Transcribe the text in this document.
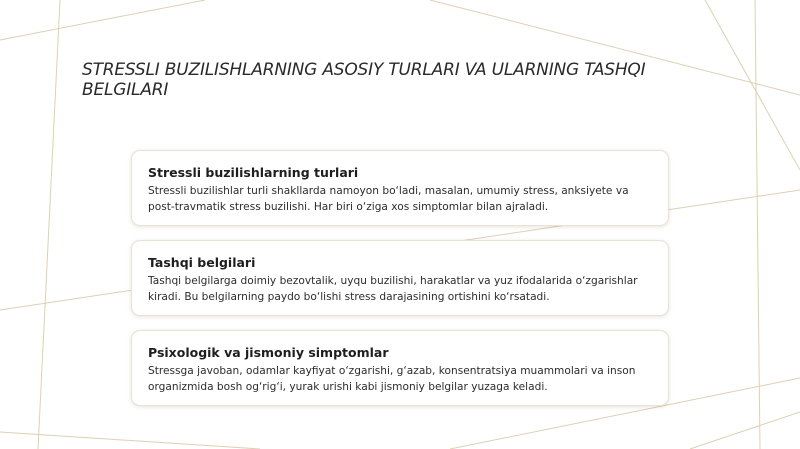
STRESSLI BUZILISHLARNING ASOSIY TURLARI VA ULARNING TASHQI BELGILARI
Stressli buzilishlarning turlari

Stressli buzilishlar turli shakllarda namoyon bo‘ladi, masalan, umumiy stress, anksiyete va post-travmatik stress buzilishi. Har biri o‘ziga xos simptomlar bilan ajraladi.

Tashqi belgilari

Tashqi belgilarga doimiy bezovtalik, uyqu buzilishi, harakatlar va yuz ifodalarida o‘zgarishlar kiradi. Bu belgilarning paydo bo‘lishi stress darajasining ortishini ko‘rsatadi.

Psixologik va jismoniy simptomlar

Stressga javoban, odamlar kayfiyat o‘zgarishi, g‘azab, konsentratsiya muammolari va inson organizmida bosh og‘rig‘i, yurak urishi kabi jismoniy belgilar yuzaga keladi.
